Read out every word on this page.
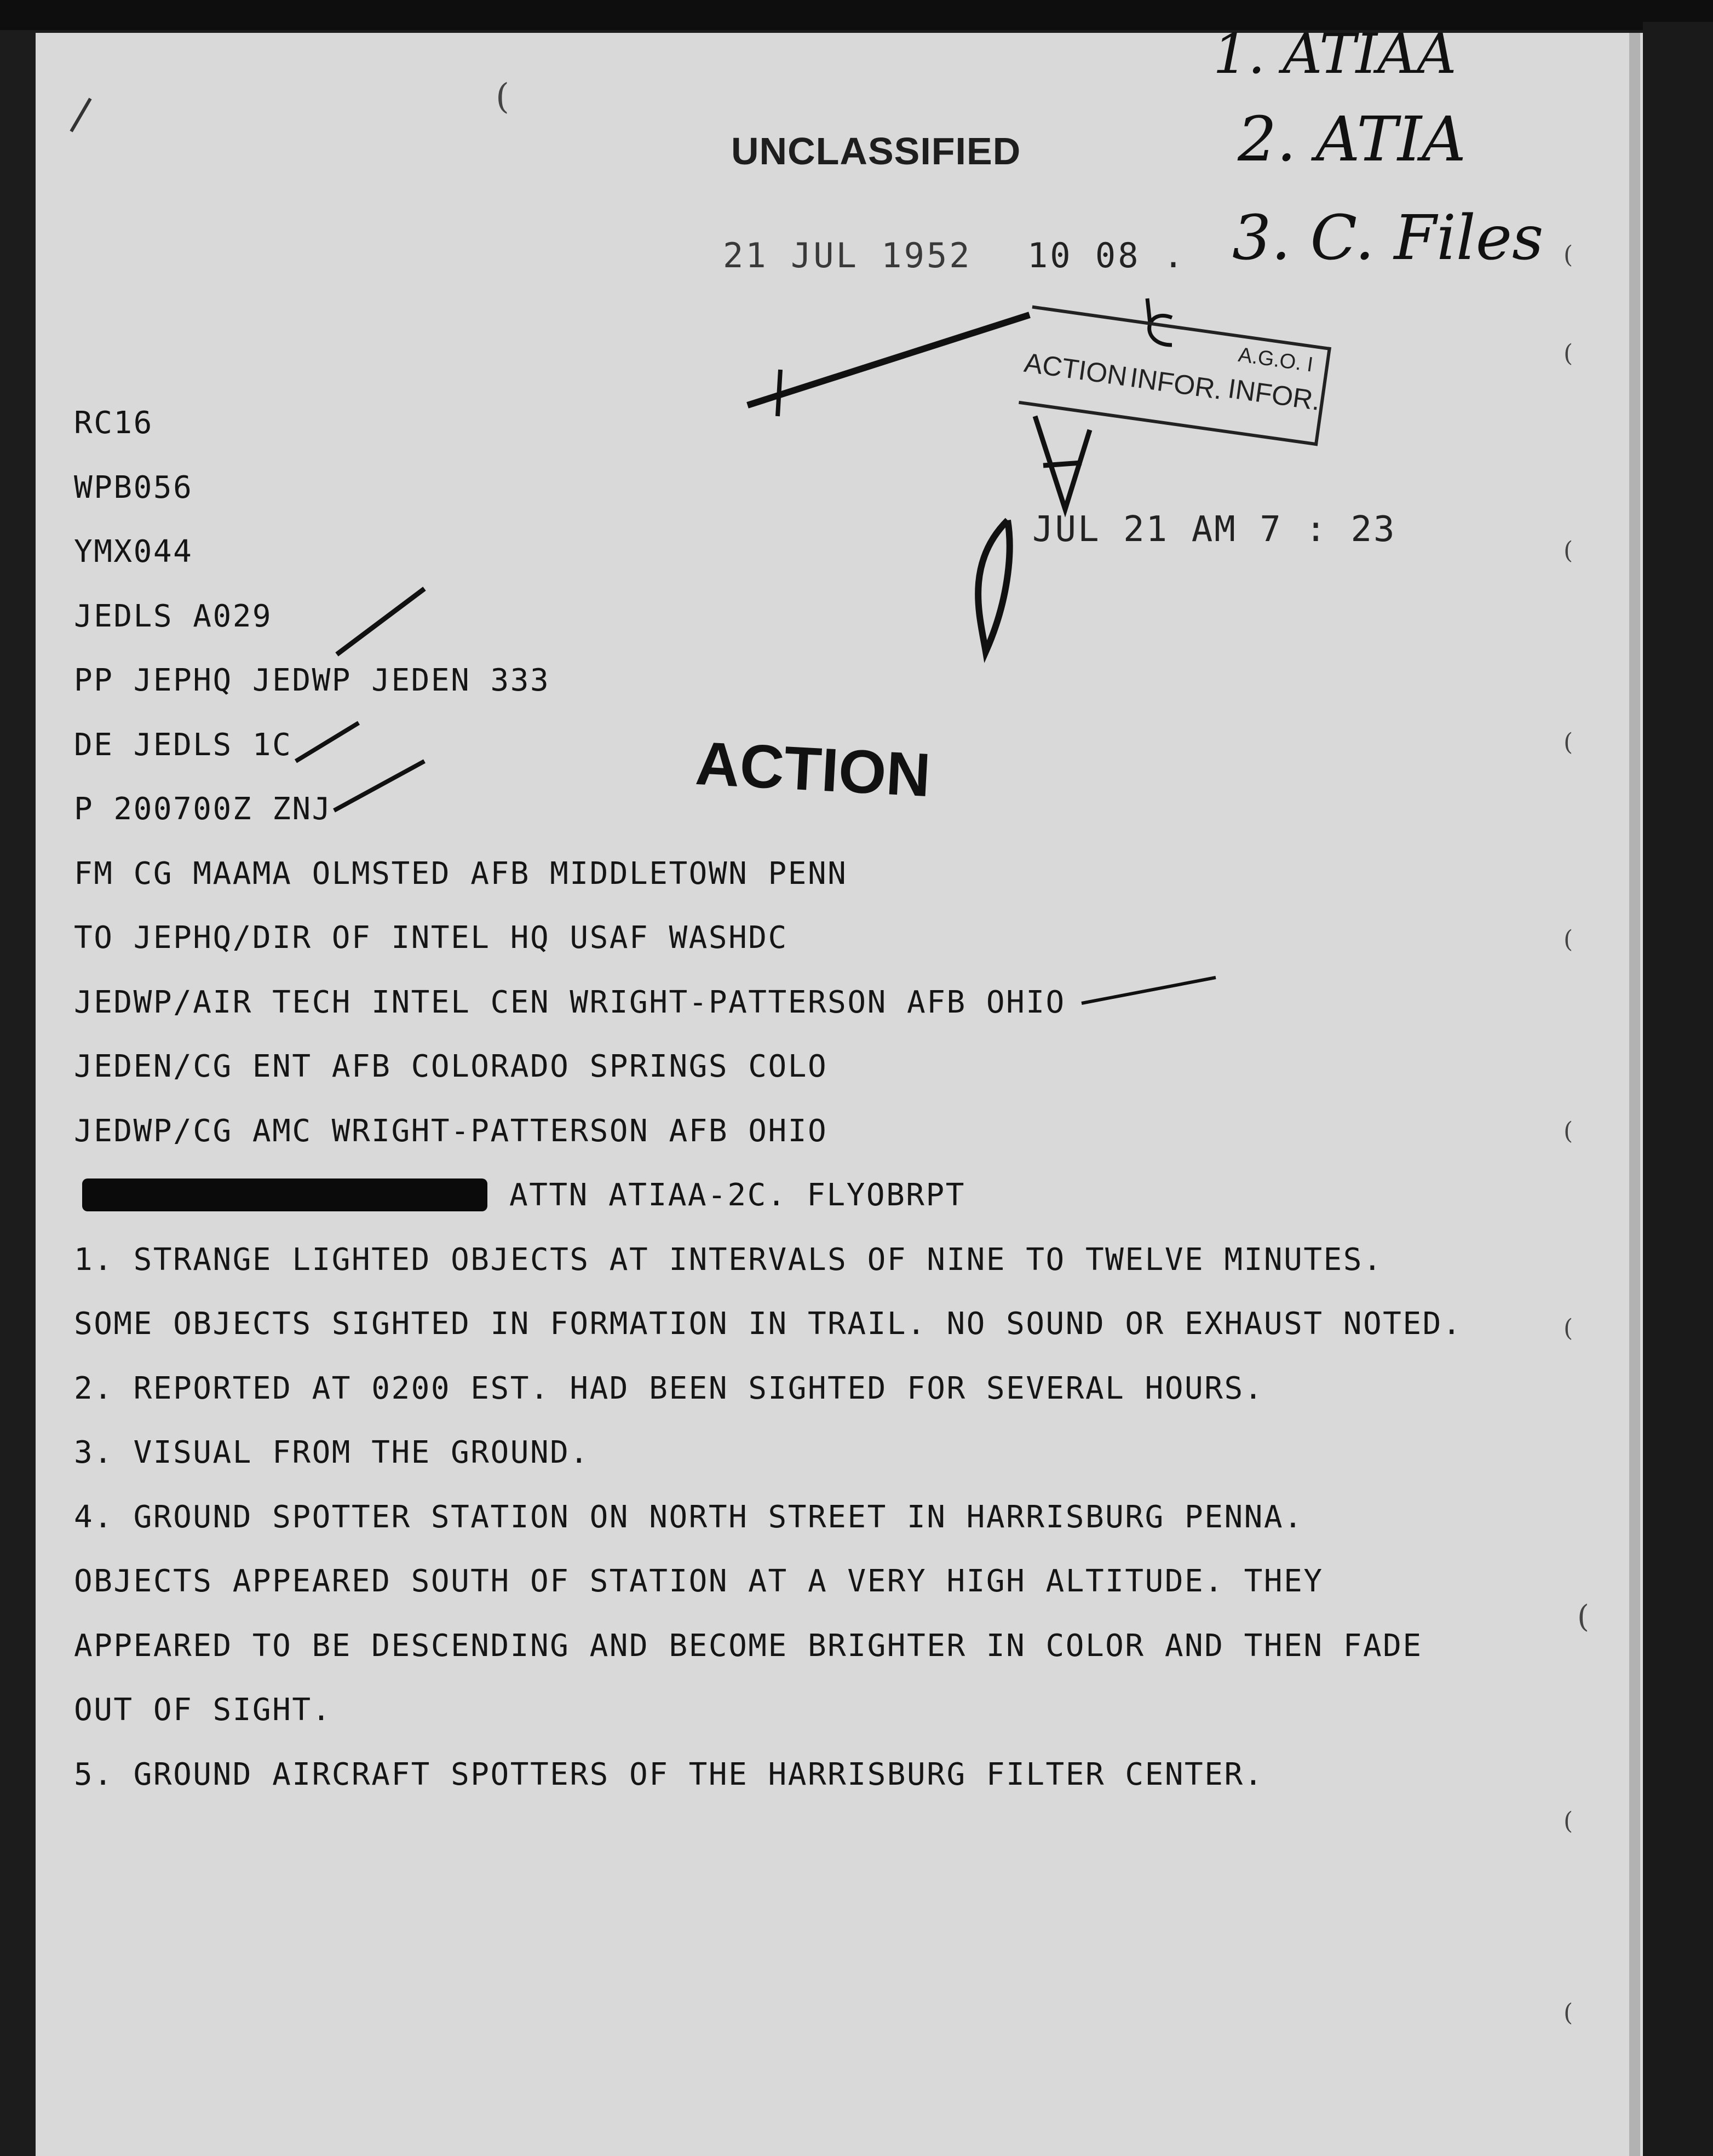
UNCLASSIFIED
1. ATIAA
2. ATIA
3. C. Files
21 JUL 1952 10 08 .
ACTION
INFOR.
A.G.O. I
INFOR.
JUL 21 AM 7 : 23
ACTION
RC16
WPB056
YMX044
JEDLS A029
PP JEPHQ JEDWP JEDEN 333
DE JEDLS 1C
P 200700Z ZNJ
FM CG MAAMA OLMSTED AFB MIDDLETOWN PENN
TO JEPHQ/DIR OF INTEL HQ USAF WASHDC
JEDWP/AIR TECH INTEL CEN WRIGHT-PATTERSON AFB OHIO
JEDEN/CG ENT AFB COLORADO SPRINGS COLO
JEDWP/CG AMC WRIGHT-PATTERSON AFB OHIO
ATTN ATIAA-2C. FLYOBRPT
1. STRANGE LIGHTED OBJECTS AT INTERVALS OF NINE TO TWELVE MINUTES.
SOME OBJECTS SIGHTED IN FORMATION IN TRAIL. NO SOUND OR EXHAUST NOTED.
2. REPORTED AT 0200 EST. HAD BEEN SIGHTED FOR SEVERAL HOURS.
3. VISUAL FROM THE GROUND.
4. GROUND SPOTTER STATION ON NORTH STREET IN HARRISBURG PENNA.
OBJECTS APPEARED SOUTH OF STATION AT A VERY HIGH ALTITUDE. THEY
APPEARED TO BE DESCENDING AND BECOME BRIGHTER IN COLOR AND THEN FADE
OUT OF SIGHT.
5. GROUND AIRCRAFT SPOTTERS OF THE HARRISBURG FILTER CENTER.
(
(
(
(
(
(
(
(
(
(
(
